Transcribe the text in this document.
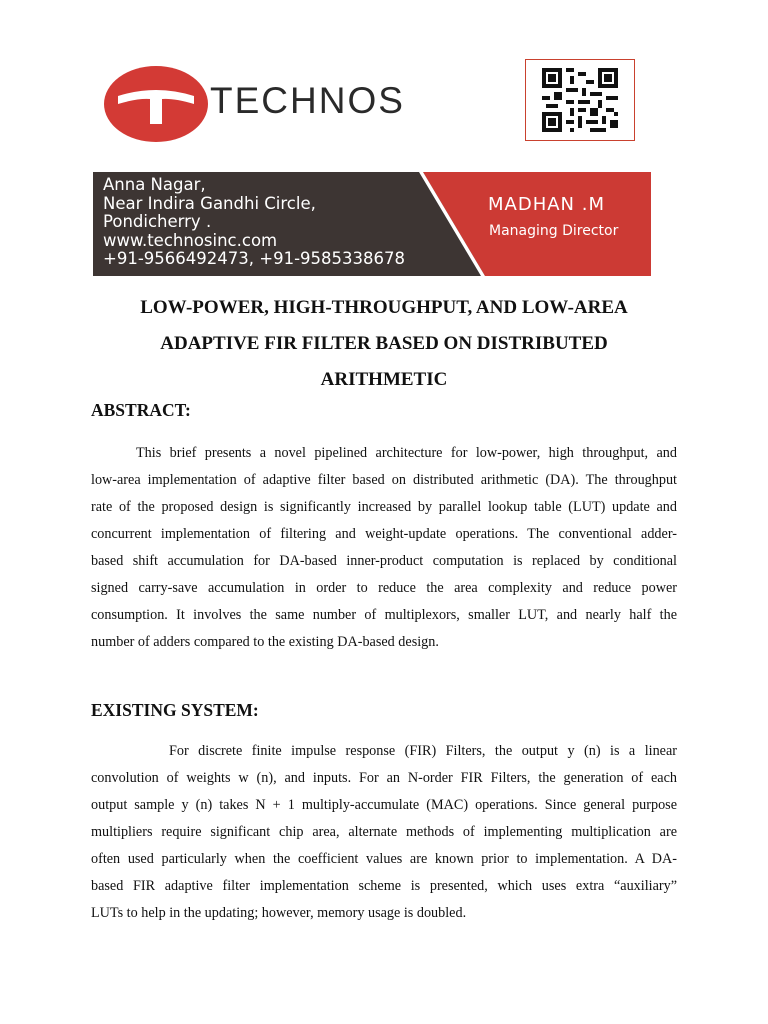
TECHNOS
Anna Nagar,
Near Indira Gandhi Circle,
Pondicherry .
www.technosinc.com
+91-9566492473, +91-9585338678
MADHAN .M
Managing Director
LOW-POWER, HIGH-THROUGHPUT, AND LOW-AREA
ADAPTIVE FIR FILTER BASED ON DISTRIBUTED
ARITHMETIC
ABSTRACT:
This brief presents a novel pipelined architecture for low-power, high throughput, and
low-area implementation of adaptive filter based on distributed arithmetic (DA). The throughput
rate of the proposed design is significantly increased by parallel lookup table (LUT) update and
concurrent implementation of filtering and weight-update operations. The conventional adder-
based shift accumulation for DA-based inner-product computation is replaced by conditional
signed carry-save accumulation in order to reduce the area complexity and reduce power
consumption. It involves the same number of multiplexors, smaller LUT, and nearly half the
number of adders compared to the existing DA-based design.
EXISTING SYSTEM:
For discrete finite impulse response (FIR) Filters, the output y (n) is a linear
convolution of weights w (n), and inputs. For an N-order FIR Filters, the generation of each
output sample y (n) takes N + 1 multiply-accumulate (MAC) operations. Since general purpose
multipliers require significant chip area, alternate methods of implementing multiplication are
often used particularly when the coefficient values are known prior to implementation. A DA-
based FIR adaptive filter implementation scheme is presented, which uses extra “auxiliary”
LUTs to help in the updating; however, memory usage is doubled.
